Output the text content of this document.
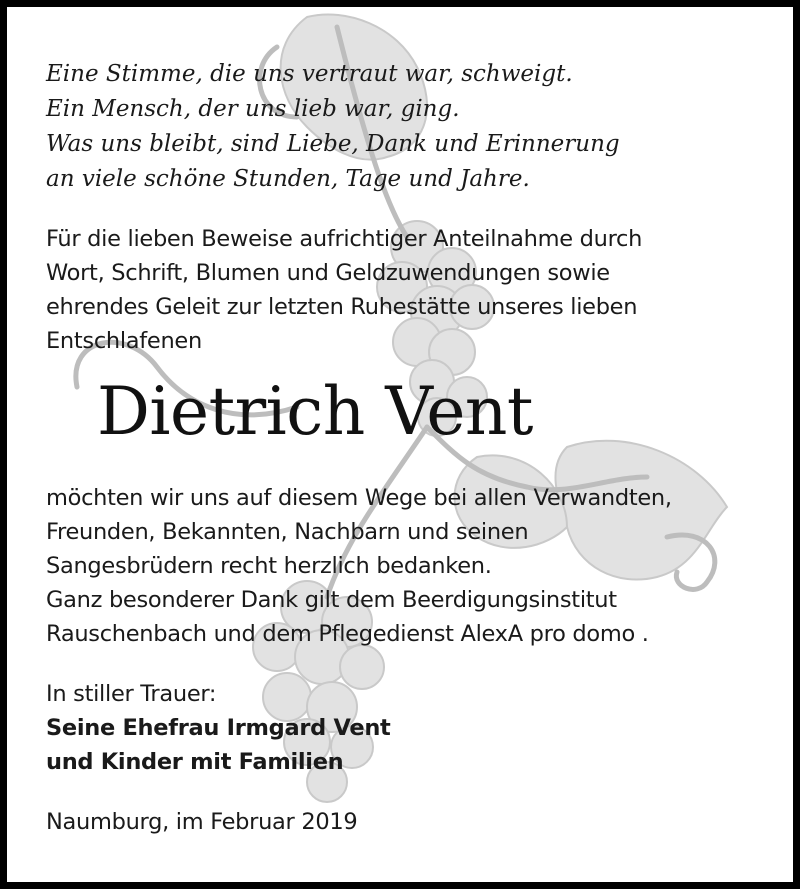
Eine Stimme, die uns vertraut war, schweigt.
Ein Mensch, der uns lieb war, ging.
Was uns bleibt, sind Liebe, Dank und Erinnerung
an viele schöne Stunden, Tage und Jahre.
Für die lieben Beweise aufrichtiger Anteilnahme durch
Wort, Schrift, Blumen und Geldzuwendungen sowie
ehrendes Geleit zur letzten Ruhestätte unseres lieben
Entschlafenen
Dietrich Vent
möchten wir uns auf diesem Wege bei allen Verwandten,
Freunden, Bekannten, Nachbarn und seinen
Sangesbrüdern recht herzlich bedanken.
Ganz besonderer Dank gilt dem Beerdigungsinstitut
Rauschenbach und dem Pflegedienst AlexA pro domo .
In stiller Trauer:
Seine Ehefrau Irmgard Vent
und Kinder mit Familien
Naumburg, im Februar 2019
